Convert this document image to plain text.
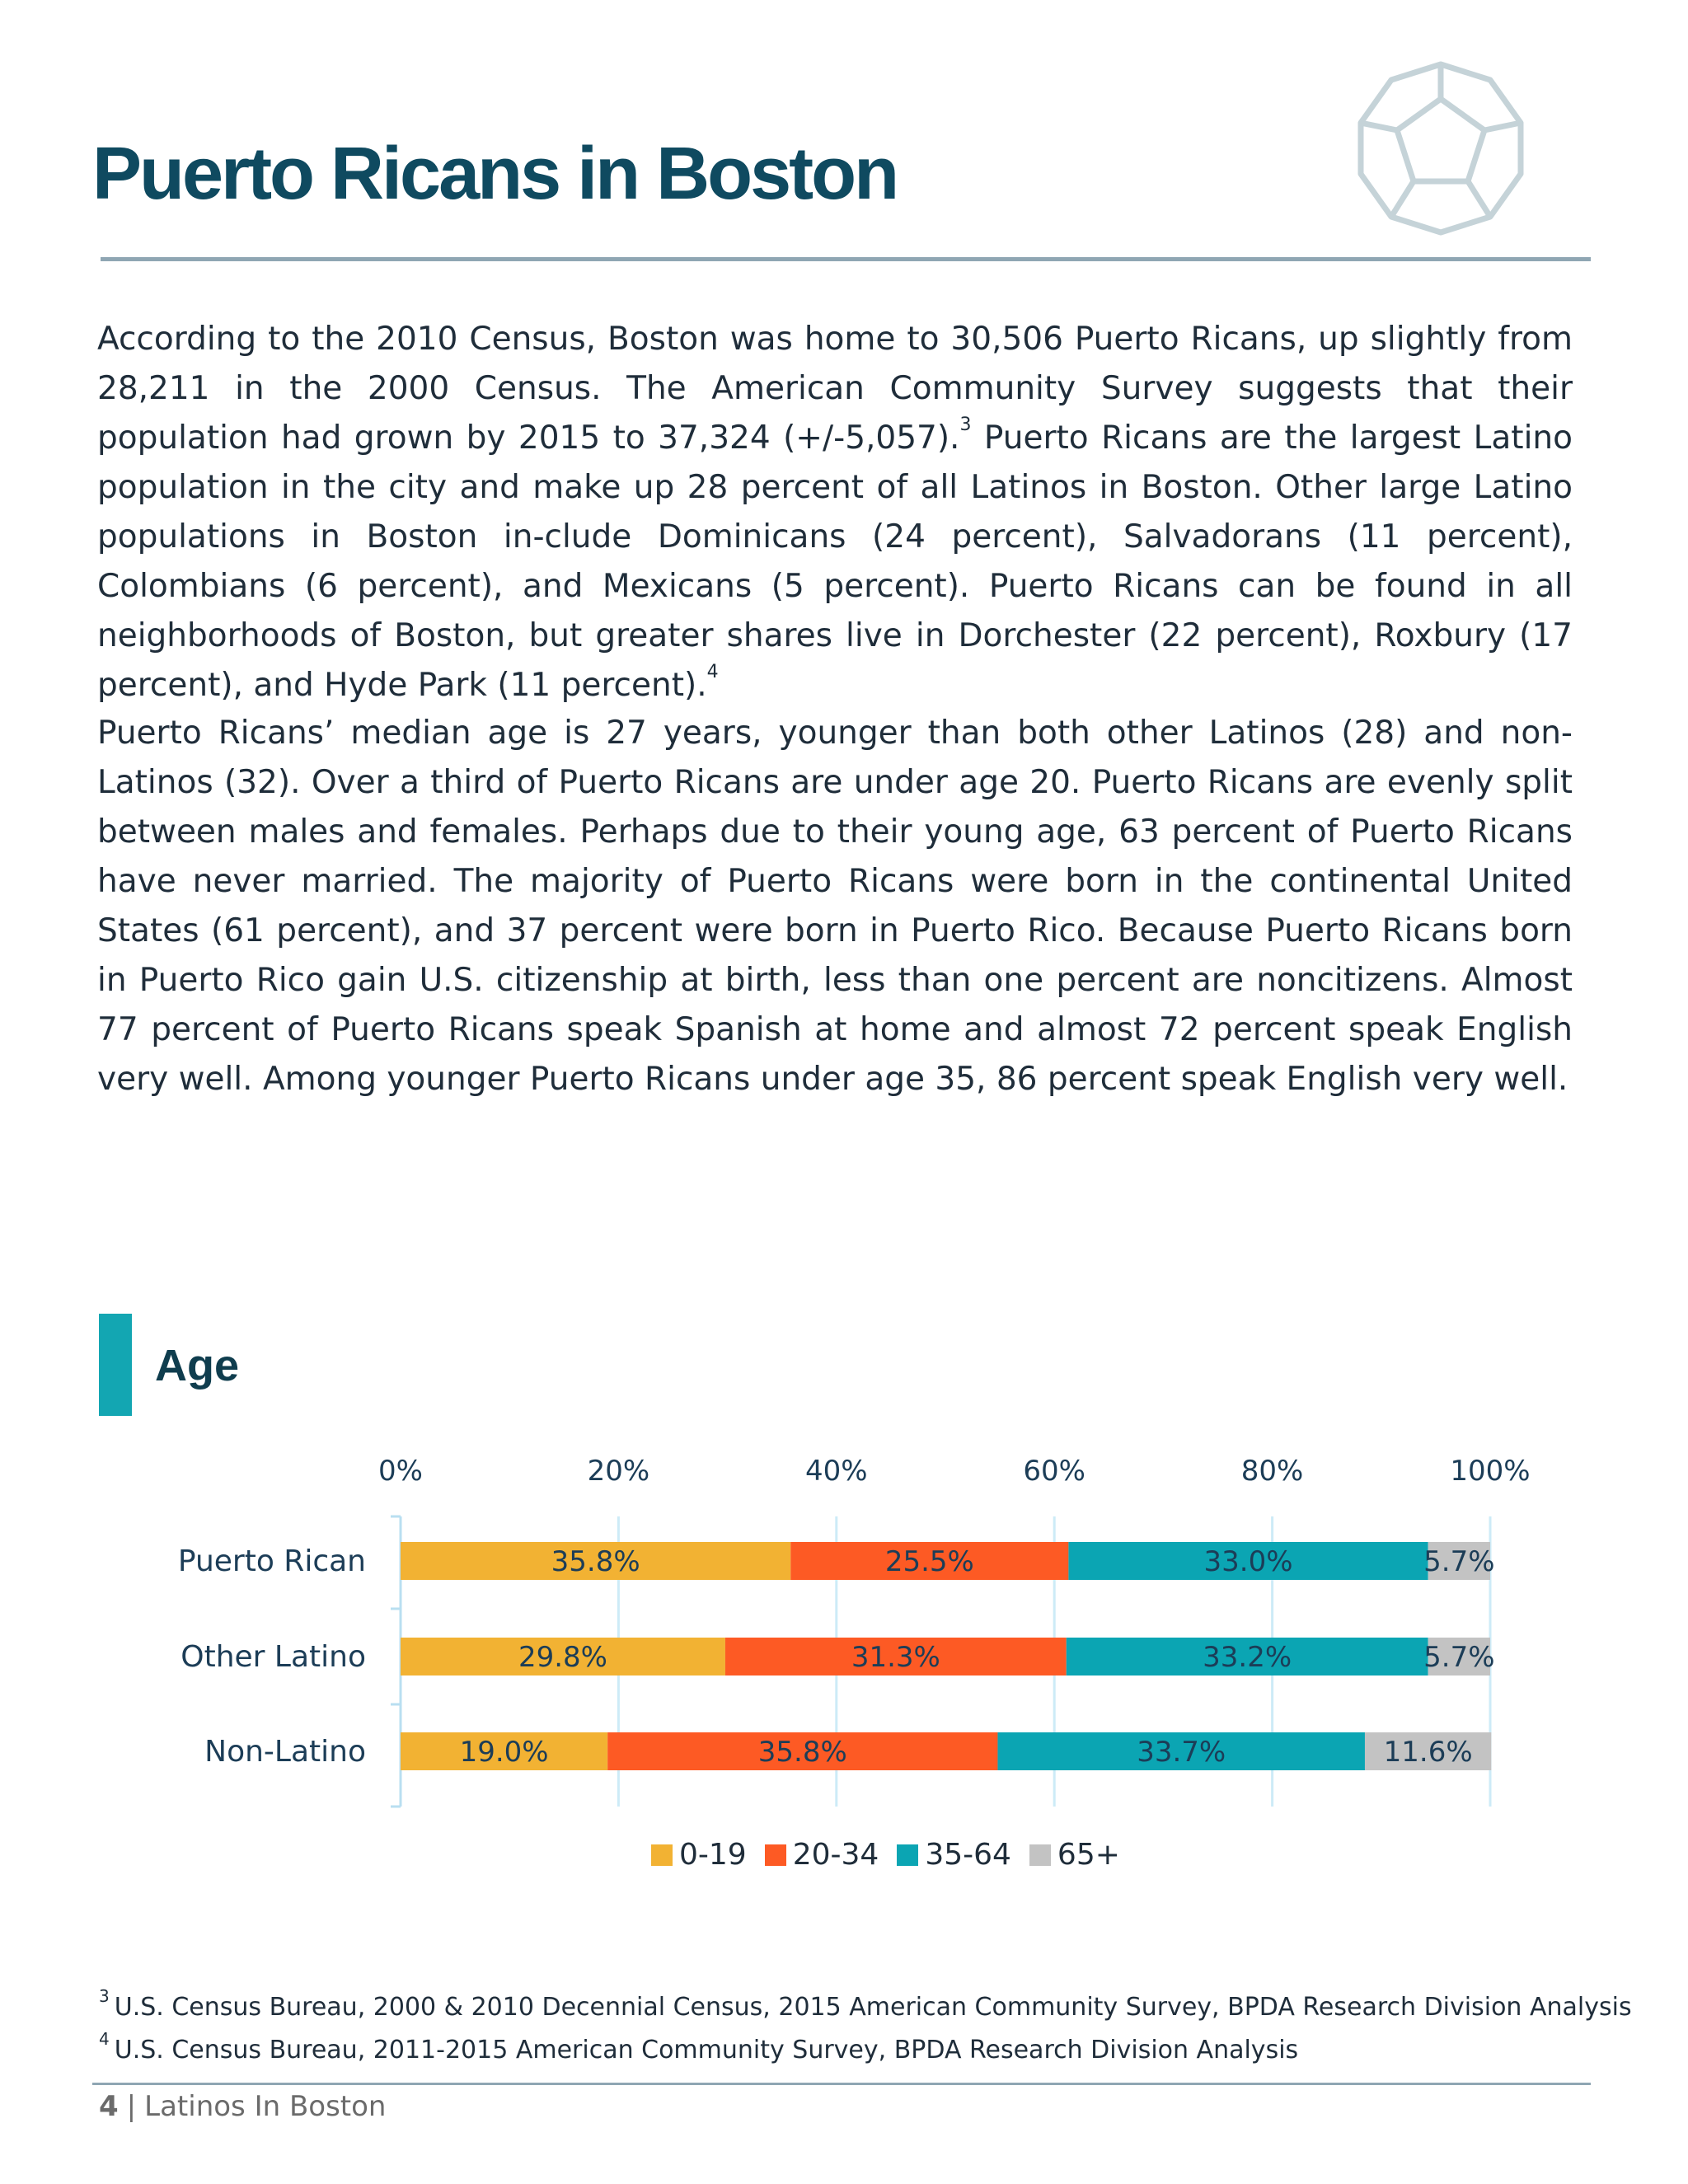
Puerto Ricans in Boston

According to the 2010 Census, Boston was home to 30,506 Puerto Ricans, up slightly from 28,211 in the 2000 Census. The American Community Survey suggests that their population had grown by 2015 to 37,324 (+/-5,057).$^3$ Puerto Ricans are the largest Latino population in the city and make up 28 percent of all Latinos in Boston. Other large Latino populations in Boston in-clude Dominicans (24 percent), Salvadorans (11 percent), Colombians (6 percent), and Mexicans (5 percent). Puerto Ricans can be found in all neighborhoods of Boston, but greater shares live in Dorchester (22 percent), Roxbury (17 percent), and Hyde Park (11 percent).$^4$

Puerto Ricans’ median age is 27 years, younger than both other Latinos (28) and non-Latinos (32). Over a third of Puerto Ricans are under age 20. Puerto Ricans are evenly split between males and females. Perhaps due to their young age, 63 percent of Puerto Ricans have never married. The majority of Puerto Ricans were born in the continental United States (61 percent), and 37 percent were born in Puerto Rico. Because Puerto Ricans born in Puerto Rico gain U.S. citizenship at birth, less than one percent are noncitizens. Almost 77 percent of Puerto Ricans speak Spanish at home and almost 72 percent speak English very well. Among younger Puerto Ricans under age 35, 86 percent speak English very well.

Age
0%	20%	40%	60%	80%	100%
Puerto Rican	35.8%	25.5%	33.0%	5.7%
Other Latino	29.8%	31.3%	33.2%	5.7%
Non-Latino	19.0%	35.8%	33.7%	11.6%
0-19 20-34 35-64 65+
$^3$ U.S. Census Bureau, 2000 & 2010 Decennial Census, 2015 American Community Survey, BPDA Research Division Analysis
$^4$ U.S. Census Bureau, 2011-2015 American Community Survey, BPDA Research Division Analysis
4 | Latinos In Boston
